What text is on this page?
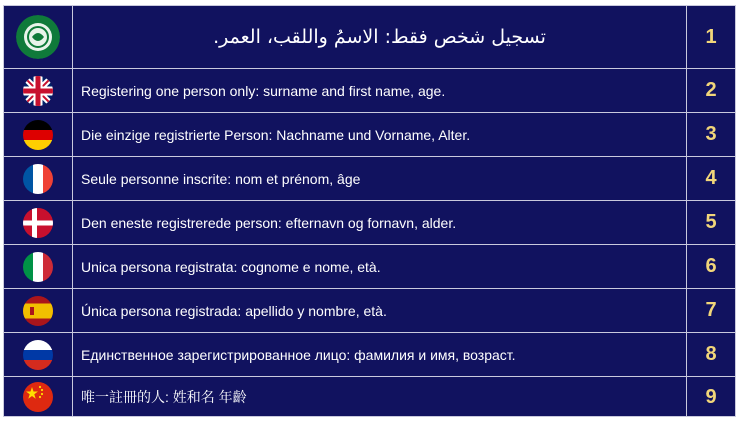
تسجيل شخص فقط: الاسمُ واللقب، العمر.	1
Registering one person only: surname and first name, age.	2
Die einzige registrierte Person: Nachname und Vorname, Alter.	3
Seule personne inscrite: nom et prénom, âge	4
Den eneste registrerede person: efternavn og fornavn, alder.	5
Unica persona registrata: cognome e nome, età.	6
Única persona registrada: apellido y nombre, età.	7
Единственное зарегистрированное лицо: фамилия и имя, возраст.	8
唯一註冊的人: 姓和名 年齡	9
